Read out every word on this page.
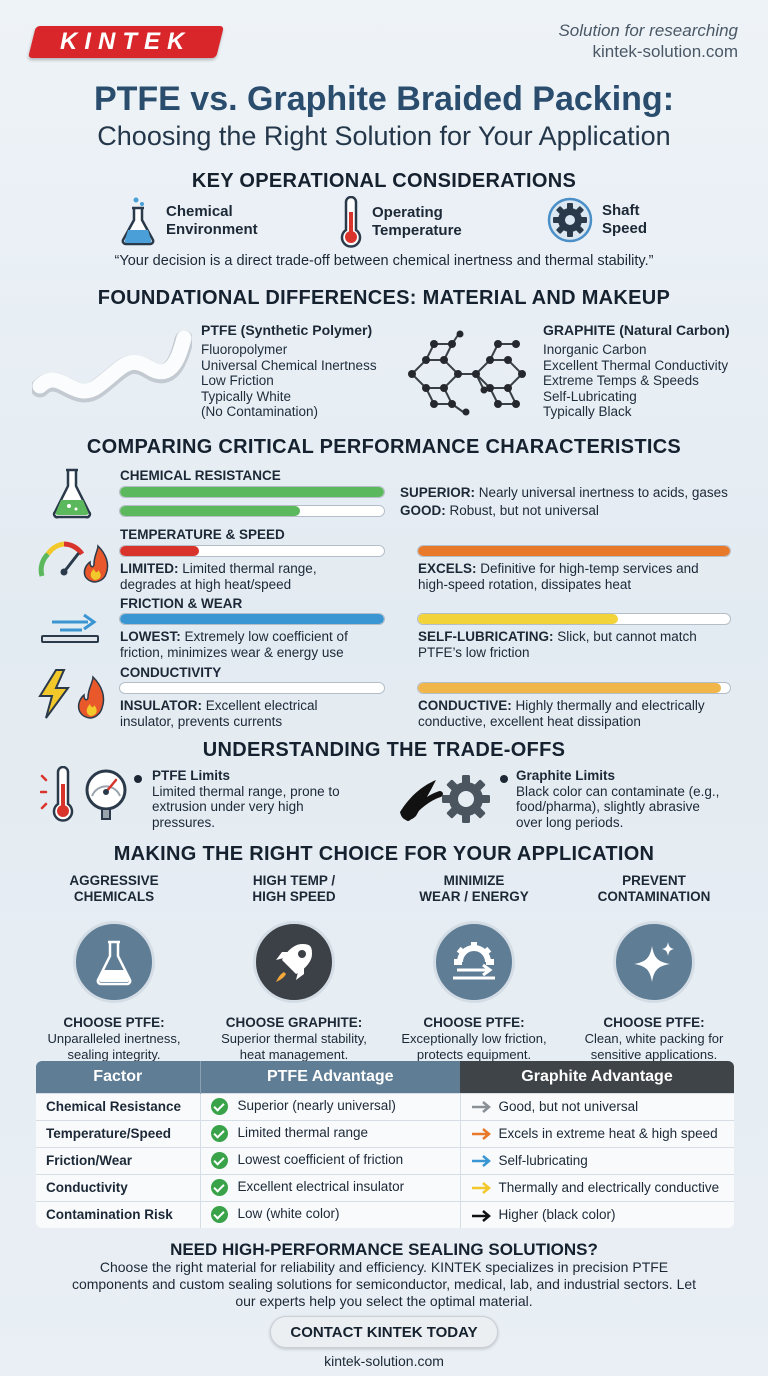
KINTEK	Solution for researching
kintek-solution.com
PTFE vs. Graphite Braided Packing:
Choosing the Right Solution for Your Application
KEY OPERATIONAL CONSIDERATIONS
Chemical
Environment
Operating
Temperature
Shaft
Speed
“Your decision is a direct trade-off between chemical inertness and thermal stability.”
FOUNDATIONAL DIFFERENCES: MATERIAL AND MAKEUP
PTFE (Synthetic Polymer)
Fluoropolymer
Universal Chemical Inertness
Low Friction
Typically White
(No Contamination)
GRAPHITE (Natural Carbon)
Inorganic Carbon
Excellent Thermal Conductivity
Extreme Temps & Speeds
Self-Lubricating
Typically Black
COMPARING CRITICAL PERFORMANCE CHARACTERISTICS
CHEMICAL RESISTANCE
SUPERIOR: Nearly universal inertness to acids, gases
GOOD: Robust, but not universal
TEMPERATURE & SPEED
LIMITED: Limited thermal range,
degrades at high heat/speed
EXCELS: Definitive for high-temp services and
high-speed rotation, dissipates heat
FRICTION & WEAR
LOWEST: Extremely low coefficient of
friction, minimizes wear & energy use
SELF-LUBRICATING: Slick, but cannot match
PTFE’s low friction
CONDUCTIVITY
INSULATOR: Excellent electrical
insulator, prevents currents
CONDUCTIVE: Highly thermally and electrically
conductive, excellent heat dissipation
UNDERSTANDING THE TRADE-OFFS
PTFE Limits
Limited thermal range, prone to
extrusion under very high
pressures.
Graphite Limits
Black color can contaminate (e.g.,
food/pharma), slightly abrasive
over long periods.
MAKING THE RIGHT CHOICE FOR YOUR APPLICATION
AGGRESSIVE
CHEMICALS
CHOOSE PTFE:
Unparalleled inertness,
sealing integrity.
HIGH TEMP /
HIGH SPEED
CHOOSE GRAPHITE:
Superior thermal stability,
heat management.
MINIMIZE
WEAR / ENERGY
CHOOSE PTFE:
Exceptionally low friction,
protects equipment.
PREVENT
CONTAMINATION
CHOOSE PTFE:
Clean, white packing for
sensitive applications.
Factor	PTFE Advantage	Graphite Advantage
Chemical Resistance	Superior (nearly universal)	Good, but not universal
Temperature/Speed	Limited thermal range	Excels in extreme heat & high speed
Friction/Wear	Lowest coefficient of friction	Self-lubricating
Conductivity	Excellent electrical insulator	Thermally and electrically conductive
Contamination Risk	Low (white color)	Higher (black color)
NEED HIGH-PERFORMANCE SEALING SOLUTIONS?
Choose the right material for reliability and efficiency. KINTEK specializes in precision PTFE components and custom sealing solutions for semiconductor, medical, lab, and industrial sectors. Let our experts help you select the optimal material.
CONTACT KINTEK TODAY
kintek-solution.com
